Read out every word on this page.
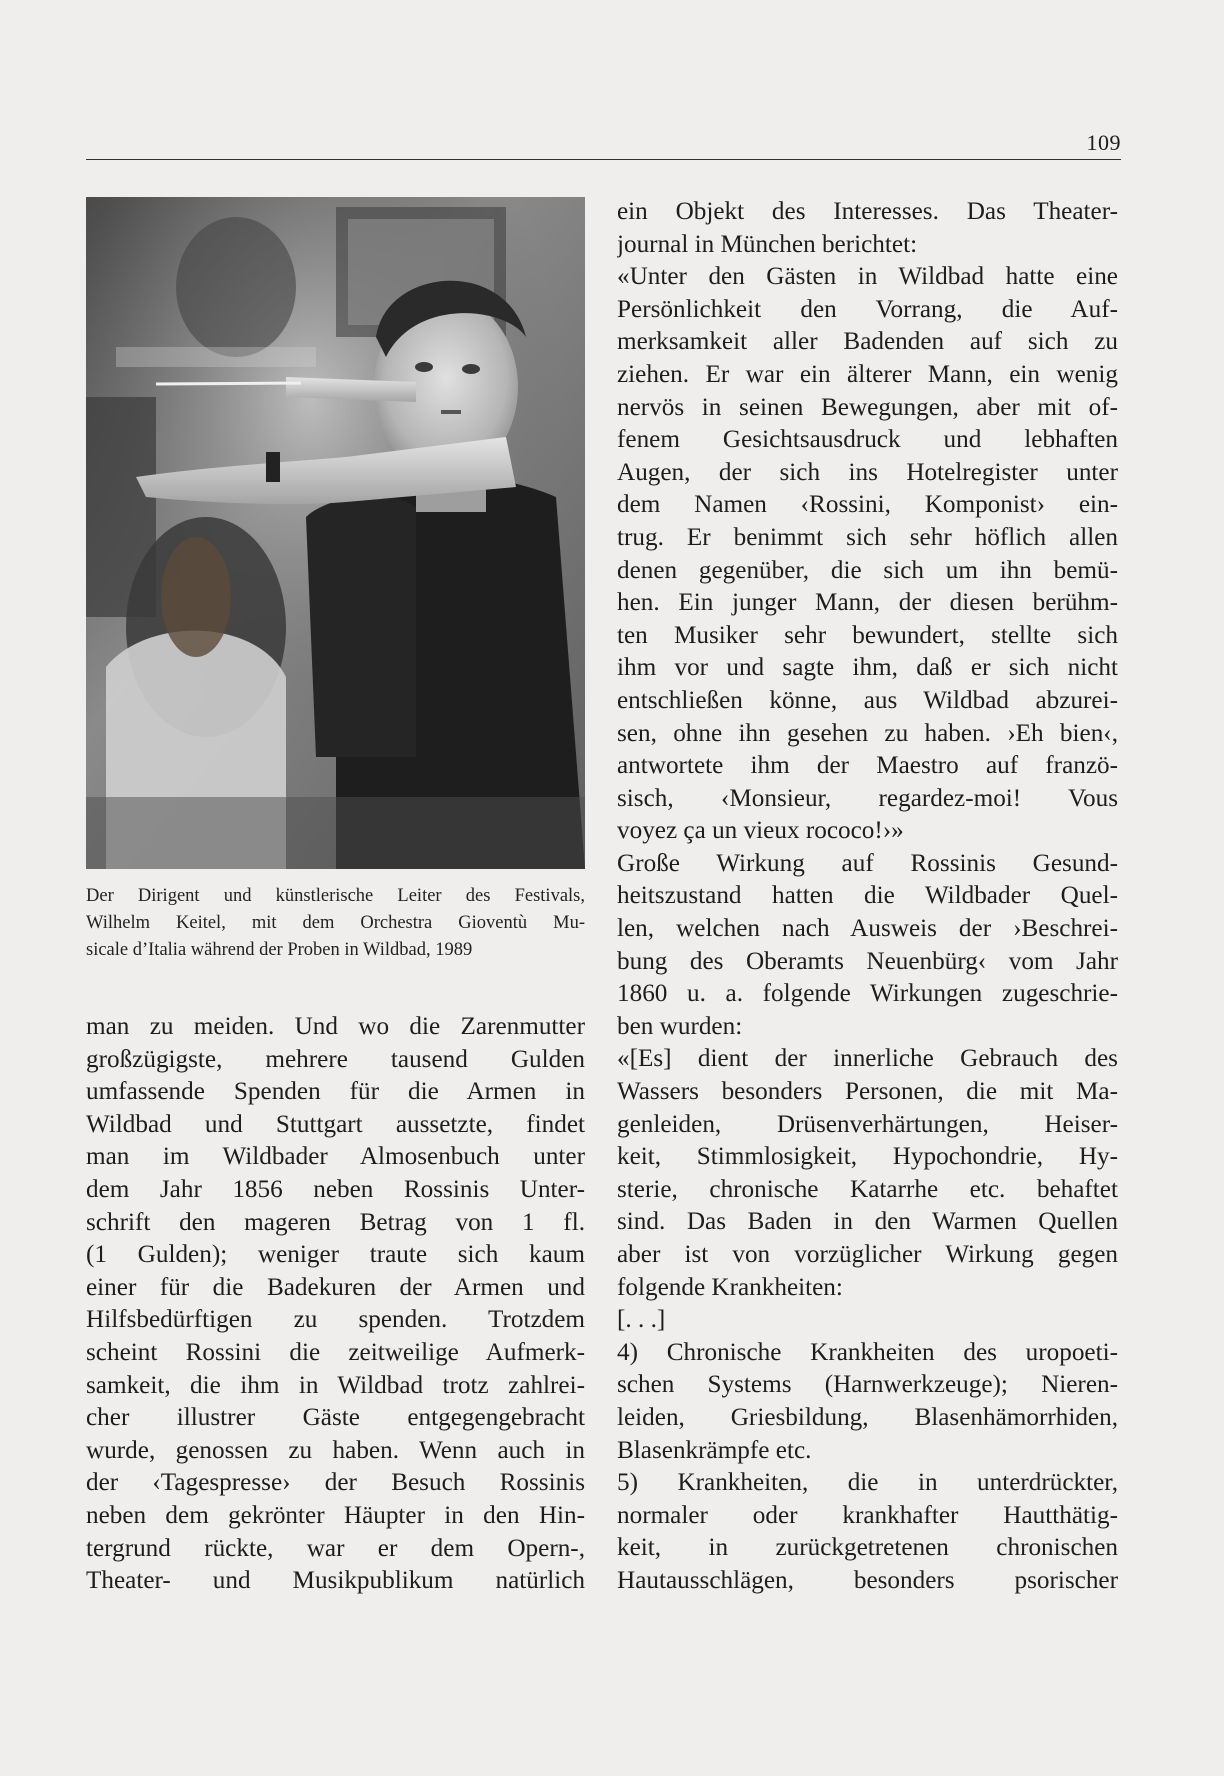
109
Der Dirigent und künstlerische Leiter des Festivals,
Wilhelm Keitel, mit dem Orchestra Gioventù Mu-
sicale d’Italia während der Proben in Wildbad, 1989
man zu meiden. Und wo die Zarenmutter
großzügigste, mehrere tausend Gulden
umfassende Spenden für die Armen in
Wildbad und Stuttgart aussetzte, findet
man im Wildbader Almosenbuch unter
dem Jahr 1856 neben Rossinis Unter-
schrift den mageren Betrag von 1 fl.
(1 Gulden); weniger traute sich kaum
einer für die Badekuren der Armen und
Hilfsbedürftigen zu spenden. Trotzdem
scheint Rossini die zeitweilige Aufmerk-
samkeit, die ihm in Wildbad trotz zahlrei-
cher illustrer Gäste entgegengebracht
wurde, genossen zu haben. Wenn auch in
der ‹Tagespresse› der Besuch Rossinis
neben dem gekrönter Häupter in den Hin-
tergrund rückte, war er dem Opern-,
Theater- und Musikpublikum natürlich
ein Objekt des Interesses. Das Theater-
journal in München berichtet:
«Unter den Gästen in Wildbad hatte eine
Persönlichkeit den Vorrang, die Auf-
merksamkeit aller Badenden auf sich zu
ziehen. Er war ein älterer Mann, ein wenig
nervös in seinen Bewegungen, aber mit of-
fenem Gesichtsausdruck und lebhaften
Augen, der sich ins Hotelregister unter
dem Namen ‹Rossini, Komponist› ein-
trug. Er benimmt sich sehr höflich allen
denen gegenüber, die sich um ihn bemü-
hen. Ein junger Mann, der diesen berühm-
ten Musiker sehr bewundert, stellte sich
ihm vor und sagte ihm, daß er sich nicht
entschließen könne, aus Wildbad abzurei-
sen, ohne ihn gesehen zu haben. ›Eh bien‹,
antwortete ihm der Maestro auf franzö-
sisch, ‹Monsieur, regardez-moi! Vous
voyez ça un vieux rococo!›»
Große Wirkung auf Rossinis Gesund-
heitszustand hatten die Wildbader Quel-
len, welchen nach Ausweis der ›Beschrei-
bung des Oberamts Neuenbürg‹ vom Jahr
1860 u. a. folgende Wirkungen zugeschrie-
ben wurden:
«[Es] dient der innerliche Gebrauch des
Wassers besonders Personen, die mit Ma-
genleiden, Drüsenverhärtungen, Heiser-
keit, Stimmlosigkeit, Hypochondrie, Hy-
sterie, chronische Katarrhe etc. behaftet
sind. Das Baden in den Warmen Quellen
aber ist von vorzüglicher Wirkung gegen
folgende Krankheiten:
[. . .]
4) Chronische Krankheiten des uropoeti-
schen Systems (Harnwerkzeuge); Nieren-
leiden, Griesbildung, Blasenhämorrhiden,
Blasenkrämpfe etc.
5) Krankheiten, die in unterdrückter,
normaler oder krankhafter Hautthätig-
keit, in zurückgetretenen chronischen
Hautausschlägen, besonders psorischer
